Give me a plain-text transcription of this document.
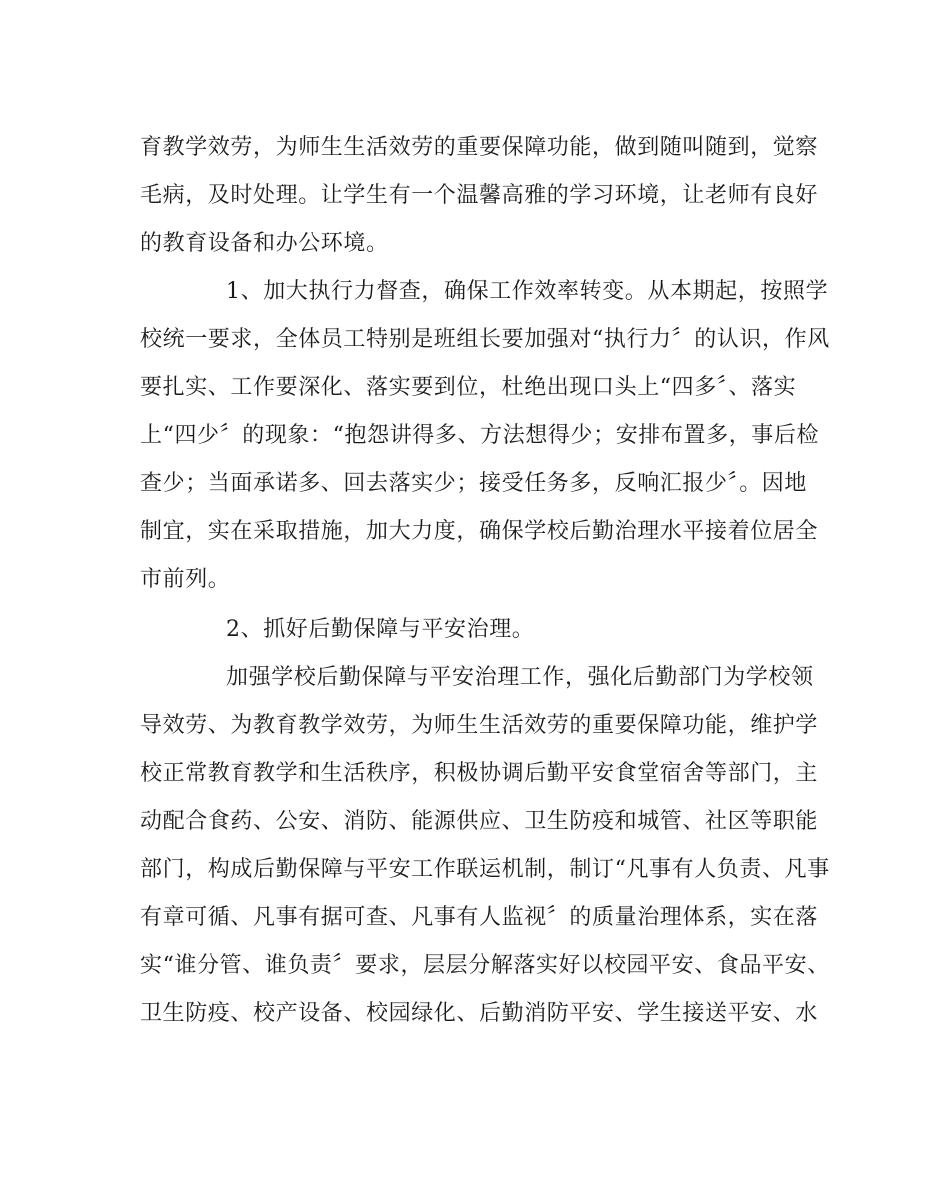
育教学效劳，为师生生活效劳的重要保障功能，做到随叫随到，觉察
毛病，及时处理。让学生有一个温馨高雅的学习环境，让老师有良好
的教育设备和办公环境。
1、加大执行力督查，确保工作效率转变。从本期起，按照学
校统一要求，全体员工特别是班组长要加强对“执行力〞的认识，作风
要扎实、工作要深化、落实要到位，杜绝出现口头上“四多〞、落实
上“四少〞的现象：“抱怨讲得多、方法想得少；安排布置多，事后检
查少；当面承诺多、回去落实少；接受任务多，反响汇报少〞。因地
制宜，实在采取措施，加大力度，确保学校后勤治理水平接着位居全
市前列。
2、抓好后勤保障与平安治理。
加强学校后勤保障与平安治理工作，强化后勤部门为学校领
导效劳、为教育教学效劳，为师生生活效劳的重要保障功能，维护学
校正常教育教学和生活秩序，积极协调后勤平安食堂宿舍等部门，主
动配合食药、公安、消防、能源供应、卫生防疫和城管、社区等职能
部门，构成后勤保障与平安工作联运机制，制订“凡事有人负责、凡事
有章可循、凡事有据可查、凡事有人监视〞的质量治理体系，实在落
实“谁分管、谁负责〞要求，层层分解落实好以校园平安、食品平安、
卫生防疫、校产设备、校园绿化、后勤消防平安、学生接送平安、水
